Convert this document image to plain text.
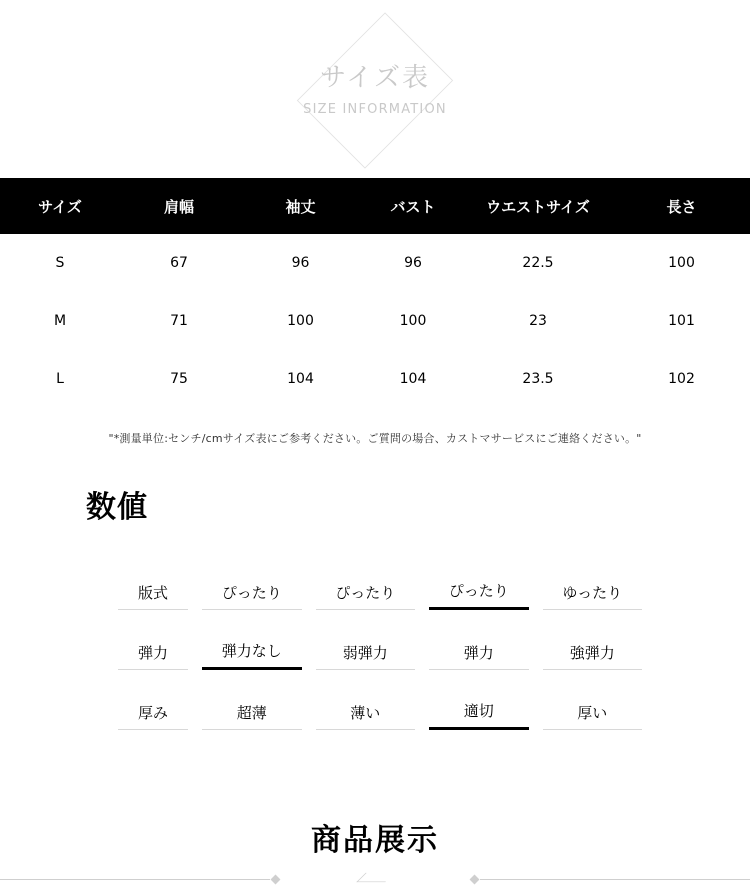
サイズ表
SIZE INFORMATION
サイズ	肩幅	袖丈	バスト	ウエストサイズ	長さ
S	67	96	96	22.5	100
M	71	100	100	23	101
L	75	104	104	23.5	102
"*測量単位:センチ/cmサイズ表にご参考ください。ご質問の場合、カストマサービスにご連絡ください。"
数値
版式	ぴったり	ぴったり	ぴったり	ゆったり
弾力	弾力なし	弱弾力	弾力	強弾力
厚み	超薄	薄い	適切	厚い
商品展示
